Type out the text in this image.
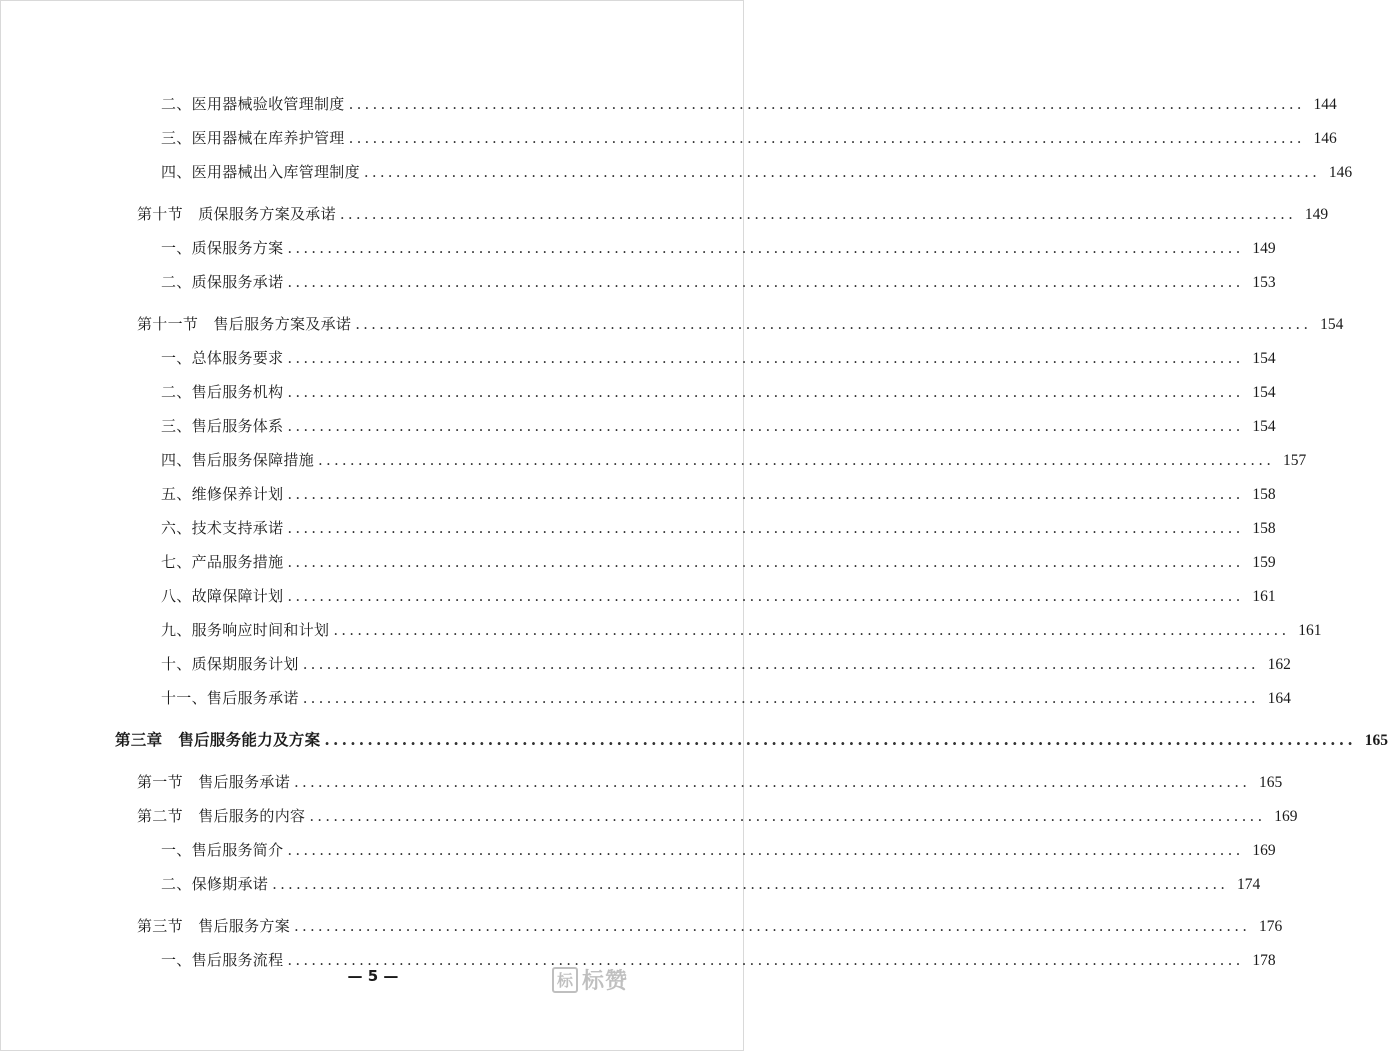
二、医用器械验收管理制度 ........................................................................................................................ 144
三、医用器械在库养护管理 ........................................................................................................................ 146
四、医用器械出入库管理制度 ........................................................................................................................ 146
第十节　质保服务方案及承诺 ........................................................................................................................ 149
一、质保服务方案 ........................................................................................................................ 149
二、质保服务承诺 ........................................................................................................................ 153
第十一节　售后服务方案及承诺 ........................................................................................................................ 154
一、总体服务要求 ........................................................................................................................ 154
二、售后服务机构 ........................................................................................................................ 154
三、售后服务体系 ........................................................................................................................ 154
四、售后服务保障措施 ........................................................................................................................ 157
五、维修保养计划 ........................................................................................................................ 158
六、技术支持承诺 ........................................................................................................................ 158
七、产品服务措施 ........................................................................................................................ 159
八、故障保障计划 ........................................................................................................................ 161
九、服务响应时间和计划 ........................................................................................................................ 161
十、质保期服务计划 ........................................................................................................................ 162
十一、售后服务承诺 ........................................................................................................................ 164
第三章　售后服务能力及方案 ........................................................................................................................ 165
第一节　售后服务承诺 ........................................................................................................................ 165
第二节　售后服务的内容 ........................................................................................................................ 169
一、售后服务简介 ........................................................................................................................ 169
二、保修期承诺 ........................................................................................................................ 174
第三节　售后服务方案 ........................................................................................................................ 176
一、售后服务流程 ........................................................................................................................ 178
— 5 —	标 标赞
